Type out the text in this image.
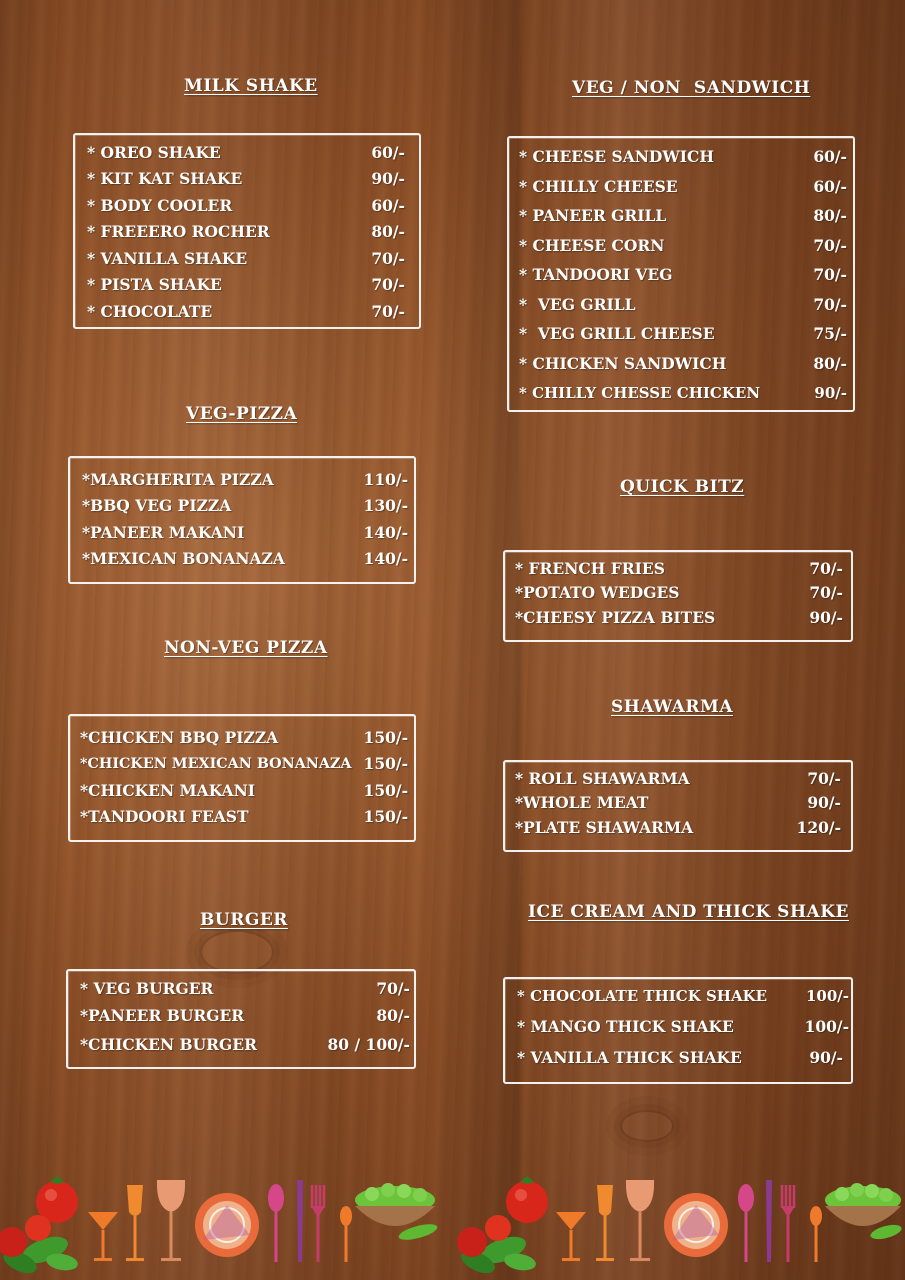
MILK SHAKE
* OREO SHAKE	60/-
* KIT KAT SHAKE	90/-
* BODY COOLER	60/-
* FREEERO ROCHER	80/-
* VANILLA SHAKE	70/-
* PISTA SHAKE	70/-
* CHOCOLATE	70/-
VEG-PIZZA
*MARGHERITA PIZZA	110/-
*BBQ VEG PIZZA	130/-
*PANEER MAKANI	140/-
*MEXICAN BONANAZA	140/-
NON-VEG PIZZA
*CHICKEN BBQ PIZZA	150/-
*CHICKEN MEXICAN BONANAZA 150/-
*CHICKEN MAKANI	150/-
*TANDOORI FEAST	150/-
BURGER
* VEG BURGER	70/-
*PANEER BURGER	80/-
*CHICKEN BURGER	80 / 100/-
VEG / NON  SANDWICH
* CHEESE SANDWICH	60/-
* CHILLY CHEESE	60/-
* PANEER GRILL	80/-
* CHEESE CORN	70/-
* TANDOORI VEG	70/-
*  VEG GRILL	70/-
*  VEG GRILL CHEESE	75/-
* CHICKEN SANDWICH	80/-
* CHILLY CHESSE CHICKEN	90/-
QUICK BITZ
* FRENCH FRIES	70/-
*POTATO WEDGES	70/-
*CHEESY PIZZA BITES	90/-
SHAWARMA
* ROLL SHAWARMA	70/-
*WHOLE MEAT	90/-
*PLATE SHAWARMA	120/-
ICE CREAM AND THICK SHAKE
* CHOCOLATE THICK SHAKE	100/-
* MANGO THICK SHAKE	100/-
* VANILLA THICK SHAKE	90/-
